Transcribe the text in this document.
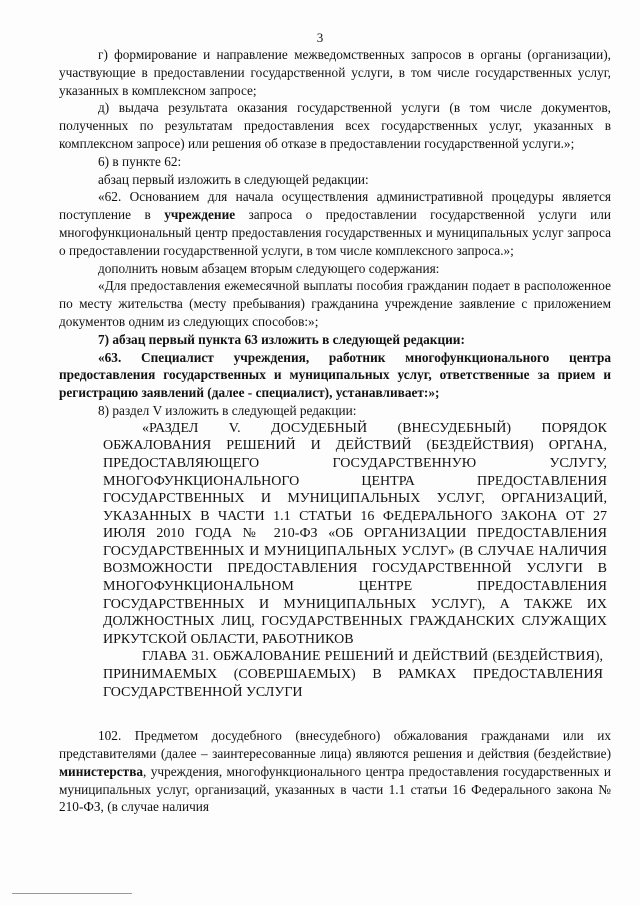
3

г) формирование и направление межведомственных запросов в органы (организации), участвующие в предоставлении государственной услуги, в том числе государственных услуг, указанных в комплексном запросе;

д) выдача результата оказания государственной услуги (в том числе документов, полученных по результатам предоставления всех государственных услуг, указанных в комплексном запросе) или решения об отказе в предоставлении государственной услуги.»;

6) в пункте 62:

абзац первый изложить в следующей редакции:

«62. Основанием для начала осуществления административной процедуры является поступление в учреждение запроса о предоставлении государственной услуги или многофункциональный центр предоставления государственных и муниципальных услуг запроса о предоставлении государственной услуги, в том числе комплексного запроса.»;

дополнить новым абзацем вторым следующего содержания:

«Для предоставления ежемесячной выплаты пособия гражданин подает в расположенное по месту жительства (месту пребывания) гражданина учреждение заявление с приложением документов одним из следующих способов:»;

7) абзац первый пункта 63 изложить в следующей редакции:

«63. Специалист учреждения, работник многофункционального центра предоставления государственных и муниципальных услуг, ответственные за прием и регистрацию заявлений (далее - специалист), устанавливает:»;

8) раздел V изложить в следующей редакции:

«РАЗДЕЛ V. ДОСУДЕБНЫЙ (ВНЕСУДЕБНЫЙ) ПОРЯДОК ОБЖАЛОВАНИЯ РЕШЕНИЙ И ДЕЙСТВИЙ (БЕЗДЕЙСТВИЯ) ОРГАНА, ПРЕДОСТАВЛЯЮЩЕГО ГОСУДАРСТВЕННУЮ УСЛУГУ, МНОГОФУНКЦИОНАЛЬНОГО ЦЕНТРА ПРЕДОСТАВЛЕНИЯ ГОСУДАРСТВЕННЫХ И МУНИЦИПАЛЬНЫХ УСЛУГ, ОРГАНИЗАЦИЙ, УКАЗАННЫХ В ЧАСТИ 1.1 СТАТЬИ 16 ФЕДЕРАЛЬНОГО ЗАКОНА ОТ 27 ИЮЛЯ 2010 ГОДА № 210-ФЗ «ОБ ОРГАНИЗАЦИИ ПРЕДОСТАВЛЕНИЯ ГОСУДАРСТВЕННЫХ И МУНИЦИПАЛЬНЫХ УСЛУГ» (В СЛУЧАЕ НАЛИЧИЯ ВОЗМОЖНОСТИ ПРЕДОСТАВЛЕНИЯ ГОСУДАРСТВЕННОЙ УСЛУГИ В МНОГОФУНКЦИОНАЛЬНОМ ЦЕНТРЕ ПРЕДОСТАВЛЕНИЯ ГОСУДАРСТВЕННЫХ И МУНИЦИПАЛЬНЫХ УСЛУГ), А ТАКЖЕ ИХ ДОЛЖНОСТНЫХ ЛИЦ, ГОСУДАРСТВЕННЫХ ГРАЖДАНСКИХ СЛУЖАЩИХ ИРКУТСКОЙ ОБЛАСТИ, РАБОТНИКОВ

ГЛАВА 31. ОБЖАЛОВАНИЕ РЕШЕНИЙ И ДЕЙСТВИЙ (БЕЗДЕЙСТВИЯ), ПРИНИМАЕМЫХ (СОВЕРШАЕМЫХ) В РАМКАХ ПРЕДОСТАВЛЕНИЯ ГОСУДАРСТВЕННОЙ УСЛУГИ

102. Предметом досудебного (внесудебного) обжалования гражданами или их представителями (далее – заинтересованные лица) являются решения и действия (бездействие) министерства, учреждения, многофункционального центра предоставления государственных и муниципальных услуг, организаций, указанных в части 1.1 статьи 16 Федерального закона № 210-ФЗ, (в случае наличия
